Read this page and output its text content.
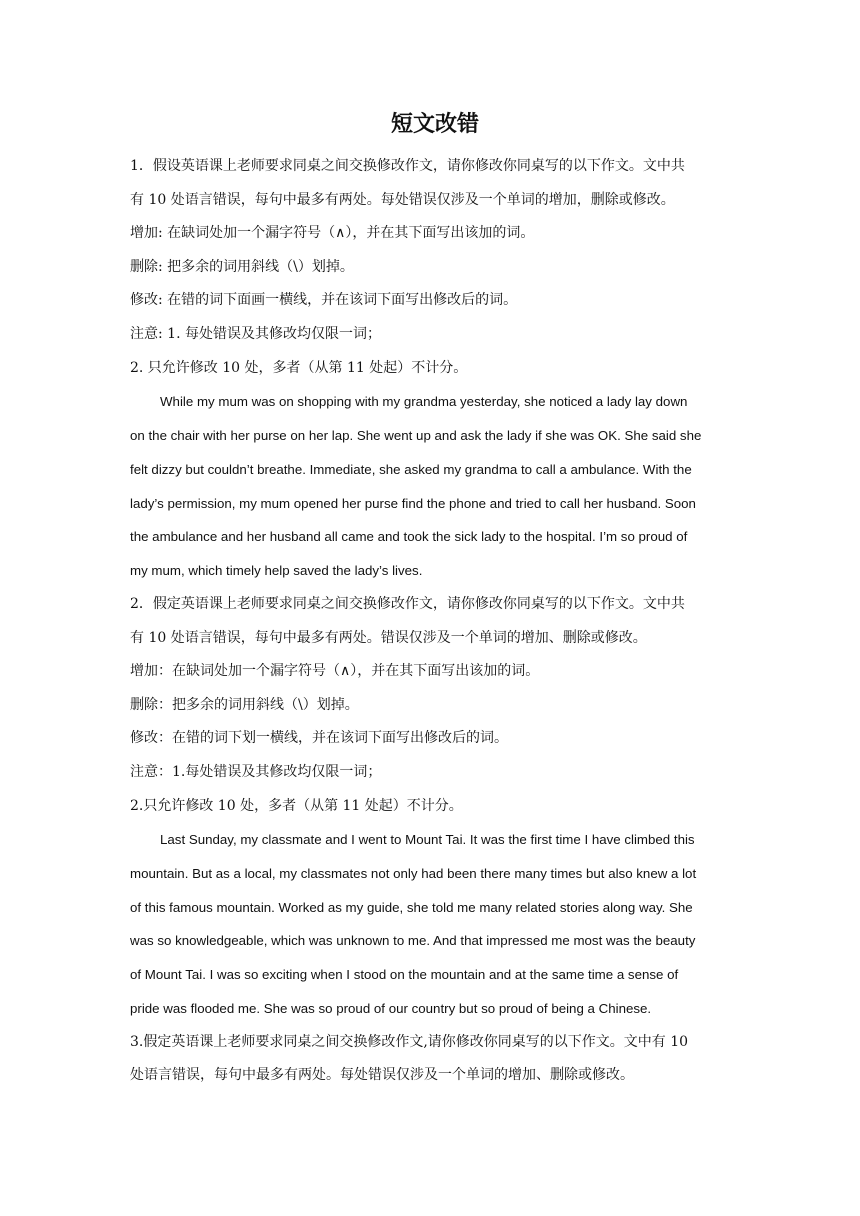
短文改错
1．假设英语课上老师要求同桌之间交换修改作文，请你修改你同桌写的以下作文。文中共
有 10 处语言错误，每句中最多有两处。每处错误仅涉及一个单词的增加，删除或修改。
增加: 在缺词处加一个漏字符号（∧），并在其下面写出该加的词。
删除: 把多余的词用斜线（\）划掉。
修改: 在错的词下面画一横线，并在该词下面写出修改后的词。
注意: 1. 每处错误及其修改均仅限一词；
2. 只允许修改 10 处，多者（从第 11 处起）不计分。
While my mum was on shopping with my grandma yesterday, she noticed a lady lay down
on the chair with her purse on her lap. She went up and ask the lady if she was OK. She said she
felt dizzy but couldn’t breathe. Immediate, she asked my grandma to call a ambulance. With the
lady’s permission, my mum opened her purse find the phone and tried to call her husband. Soon
the ambulance and her husband all came and took the sick lady to the hospital. I’m so proud of
my mum, which timely help saved the lady’s lives.
2．假定英语课上老师要求同桌之间交换修改作文，请你修改你同桌写的以下作文。文中共
有 10 处语言错误，每句中最多有两处。错误仅涉及一个单词的增加、删除或修改。
增加：在缺词处加一个漏字符号（∧），并在其下面写出该加的词。
删除：把多余的词用斜线（\）划掉。
修改：在错的词下划一横线，并在该词下面写出修改后的词。
注意：1.每处错误及其修改均仅限一词；
2.只允许修改 10 处，多者（从第 11 处起）不计分。
Last Sunday, my classmate and I went to Mount Tai. It was the first time I have climbed this
mountain. But as a local, my classmates not only had been there many times but also knew a lot
of this famous mountain. Worked as my guide, she told me many related stories along way. She
was so knowledgeable, which was unknown to me. And that impressed me most was the beauty
of Mount Tai. I was so exciting when I stood on the mountain and at the same time a sense of
pride was flooded me. She was so proud of our country but so proud of being a Chinese.
3.假定英语课上老师要求同桌之间交换修改作文,请你修改你同桌写的以下作文。文中有 10
处语言错误，每句中最多有两处。每处错误仅涉及一个单词的增加、删除或修改。
